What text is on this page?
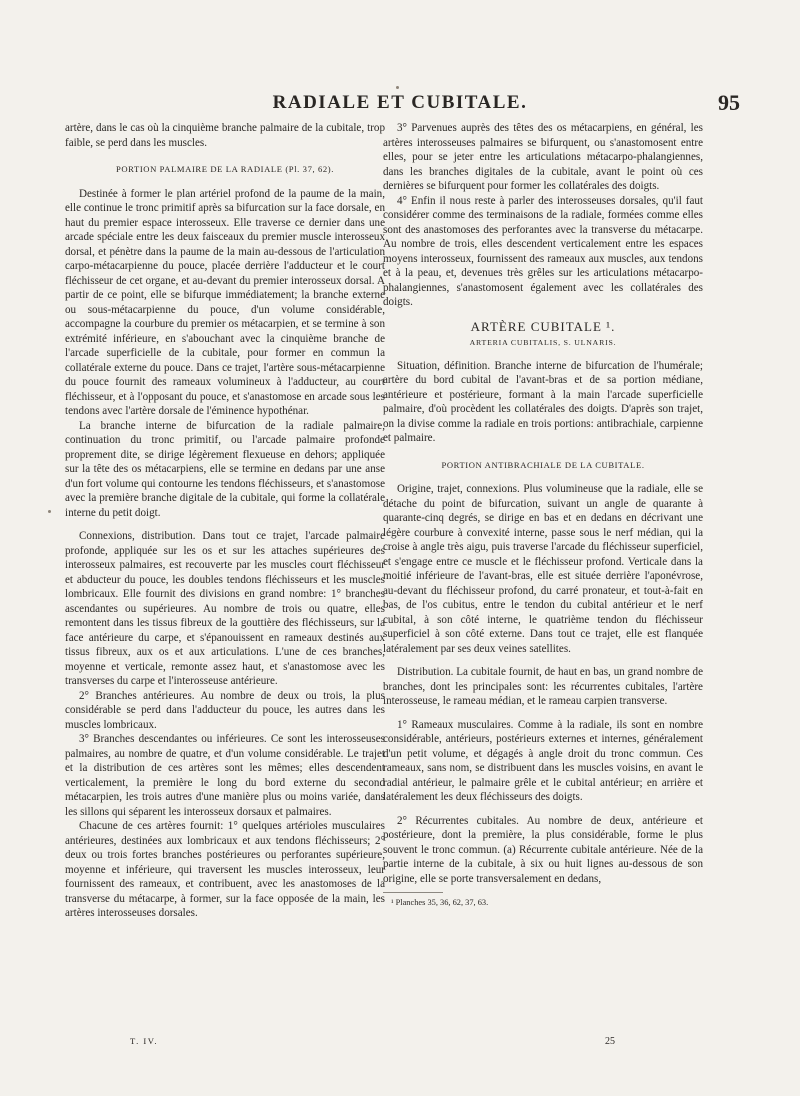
RADIALE ET CUBITALE.	95

artère, dans le cas où la cinquième branche palmaire de la cubitale, trop faible, se perd dans les muscles.

PORTION PALMAIRE DE LA RADIALE (Pl. 37, 62).

Destinée à former le plan artériel profond de la paume de la main, elle continue le tronc primitif après sa bifurcation sur la face dorsale, en haut du premier espace interosseux. Elle traverse ce dernier dans une arcade spéciale entre les deux faisceaux du premier muscle interosseux dorsal, et pénètre dans la paume de la main au-dessous de l'articulation carpo-métacarpienne du pouce, placée derrière l'adducteur et le court fléchisseur de cet organe, et au-devant du premier interosseux dorsal. A partir de ce point, elle se bifurque immédiatement; la branche externe ou sous-métacarpienne du pouce, d'un volume considérable, accompagne la courbure du premier os métacarpien, et se termine à son extrémité inférieure, en s'abouchant avec la cinquième branche de l'arcade superficielle de la cubitale, pour former en commun la collatérale externe du pouce. Dans ce trajet, l'artère sous-métacarpienne du pouce fournit des rameaux volumineux à l'adducteur, au court fléchisseur, et à l'opposant du pouce, et s'anastomose en arcade sous les tendons avec l'artère dorsale de l'éminence hypothénar.

La branche interne de bifurcation de la radiale palmaire, continuation du tronc primitif, ou l'arcade palmaire profonde proprement dite, se dirige légèrement flexueuse en dehors; appliquée sur la tête des os métacarpiens, elle se termine en dedans par une anse d'un fort volume qui contourne les tendons fléchisseurs, et s'anastomose avec la première branche digitale de la cubitale, qui forme la collatérale interne du petit doigt.

Connexions, distribution. Dans tout ce trajet, l'arcade palmaire profonde, appliquée sur les os et sur les attaches supérieures des interosseux palmaires, est recouverte par les muscles court fléchisseur et abducteur du pouce, les doubles tendons fléchisseurs et les muscles lombricaux. Elle fournit des divisions en grand nombre: 1° branches ascendantes ou supérieures. Au nombre de trois ou quatre, elles remontent dans les tissus fibreux de la gouttière des fléchisseurs, sur la face antérieure du carpe, et s'épanouissent en rameaux destinés aux tissus fibreux, aux os et aux articulations. L'une de ces branches, moyenne et verticale, remonte assez haut, et s'anastomose avec les transverses du carpe et l'interosseuse antérieure.

2° Branches antérieures. Au nombre de deux ou trois, la plus considérable se perd dans l'adducteur du pouce, les autres dans les muscles lombricaux.

3° Branches descendantes ou inférieures. Ce sont les interosseuses palmaires, au nombre de quatre, et d'un volume considérable. Le trajet et la distribution de ces artères sont les mêmes; elles descendent verticalement, la première le long du bord externe du second métacarpien, les trois autres d'une manière plus ou moins variée, dans les sillons qui séparent les interosseux dorsaux et palmaires.

Chacune de ces artères fournit: 1° quelques artérioles musculaires antérieures, destinées aux lombricaux et aux tendons fléchisseurs; 2° deux ou trois fortes branches postérieures ou perforantes supérieure, moyenne et inférieure, qui traversent les muscles interosseux, leur fournissent des rameaux, et contribuent, avec les anastomoses de la transverse du métacarpe, à former, sur la face opposée de la main, les artères interosseuses dorsales.

3° Parvenues auprès des têtes des os métacarpiens, en général, les artères interosseuses palmaires se bifurquent, ou s'anastomosent entre elles, pour se jeter entre les articulations métacarpo-phalangiennes, dans les branches digitales de la cubitale, avant le point où ces dernières se bifurquent pour former les collatérales des doigts.

4° Enfin il nous reste à parler des interosseuses dorsales, qu'il faut considérer comme des terminaisons de la radiale, formées comme elles sont des anastomoses des perforantes avec la transverse du métacarpe. Au nombre de trois, elles descendent verticalement entre les espaces moyens interosseux, fournissent des rameaux aux muscles, aux tendons et à la peau, et, devenues très grêles sur les articulations métacarpo-phalangiennes, s'anastomosent également avec les collatérales des doigts.

ARTÈRE CUBITALE ¹.

ARTERIA CUBITALIS, S. ULNARIS.

Situation, définition. Branche interne de bifurcation de l'humérale; artère du bord cubital de l'avant-bras et de sa portion médiane, antérieure et postérieure, formant à la main l'arcade superficielle palmaire, d'où procèdent les collatérales des doigts. D'après son trajet, on la divise comme la radiale en trois portions: antibrachiale, carpienne et palmaire.

PORTION ANTIBRACHIALE DE LA CUBITALE.

Origine, trajet, connexions. Plus volumineuse que la radiale, elle se détache du point de bifurcation, suivant un angle de quarante à quarante-cinq degrés, se dirige en bas et en dedans en décrivant une légère courbure à convexité interne, passe sous le nerf médian, qui la croise à angle très aigu, puis traverse l'arcade du fléchisseur superficiel, et s'engage entre ce muscle et le fléchisseur profond. Verticale dans la moitié inférieure de l'avant-bras, elle est située derrière l'aponévrose, au-devant du fléchisseur profond, du carré pronateur, et tout-à-fait en bas, de l'os cubitus, entre le tendon du cubital antérieur et le nerf cubital, à son côté interne, le quatrième tendon du fléchisseur superficiel à son côté externe. Dans tout ce trajet, elle est flanquée latéralement par ses deux veines satellites.

Distribution. La cubitale fournit, de haut en bas, un grand nombre de branches, dont les principales sont: les récurrentes cubitales, l'artère interosseuse, le rameau médian, et le rameau carpien transverse.

1° Rameaux musculaires. Comme à la radiale, ils sont en nombre considérable, antérieurs, postérieurs externes et internes, généralement d'un petit volume, et dégagés à angle droit du tronc commun. Ces rameaux, sans nom, se distribuent dans les muscles voisins, en avant le radial antérieur, le palmaire grêle et le cubital antérieur; en arrière et latéralement les deux fléchisseurs des doigts.

2° Récurrentes cubitales. Au nombre de deux, antérieure et postérieure, dont la première, la plus considérable, forme le plus souvent le tronc commun. (a) Récurrente cubitale antérieure. Née de la partie interne de la cubitale, à six ou huit lignes au-dessous de son origine, elle se porte transversalement en dedans,

¹ Planches 35, 36, 62, 37, 63.

T. IV.	25
